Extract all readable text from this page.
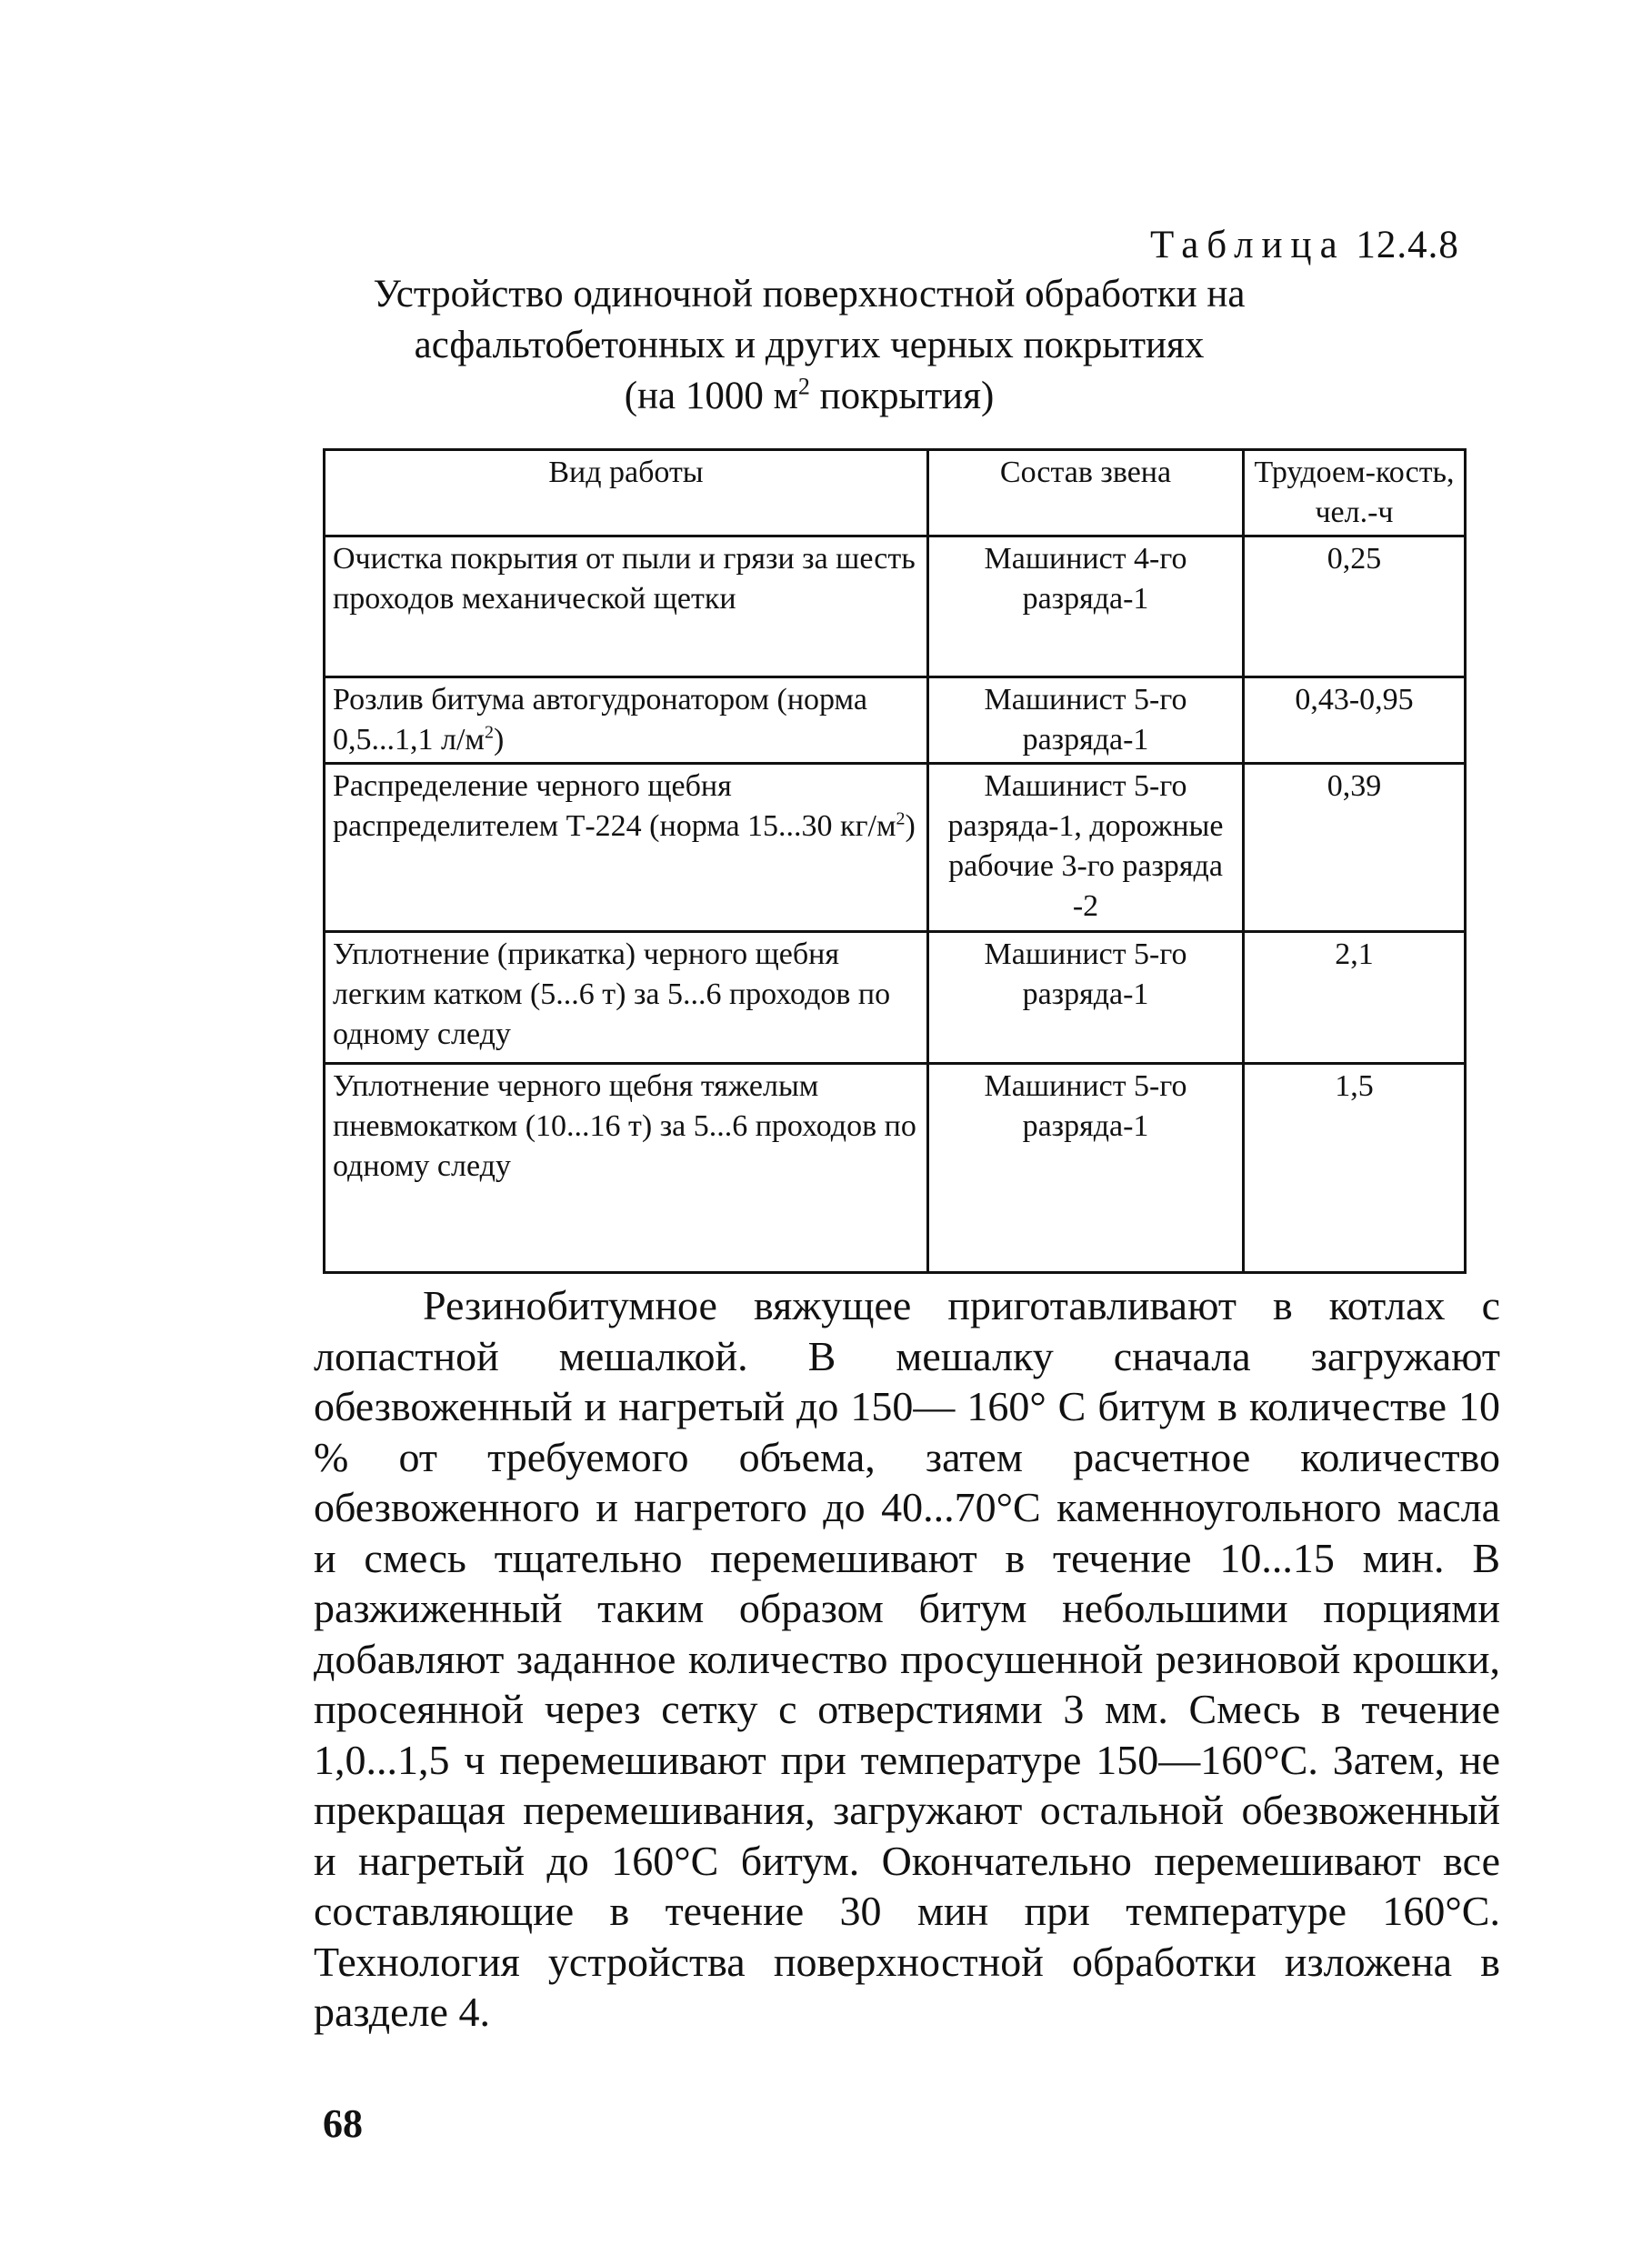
Таблица 12.4.8
Устройство одиночной поверхностной обработки на
асфальтобетонных и других черных покрытиях
(на 1000 $м^2$ покрытия)
Вид работы	Состав звена	Трудоем-кость, чел.-ч
Очистка покрытия от пыли и грязи за шесть проходов механической щетки	Машинист 4-го разряда-1	0,25
Розлив битума автогудронатором (норма 0,5...1,1 $л/м^2$)	Машинист 5-го разряда-1	0,43-0,95
Распределение черного щебня распределителем Т-224 (норма 15...30 $кг/м^2$)	Машинист 5-го разряда-1, дорожные рабочие 3-го разряда -2	0,39
Уплотнение (прикатка) черного щебня легким катком (5...6 т) за 5...6 проходов по одному следу	Машинист 5-го разряда-1	2,1
Уплотнение черного щебня тяжелым пневмокатком (10...16 т) за 5...6 проходов по одному следу	Машинист 5-го разряда-1	1,5

Резинобитумное вяжущее приготавливают в котлах с лопастной мешалкой. В мешалку сначала загружают обезвоженный и нагретый до 150— 160° С битум в количестве 10 % от требуемого объема, затем расчетное количество обезвоженного и нагретого до 40...70°С каменноугольного масла и смесь тщательно перемешивают в течение 10...15 мин. В разжиженный таким образом битум небольшими порциями добавляют заданное количество просушенной резиновой крошки, просеянной через сетку с отверстиями 3 мм. Смесь в течение 1,0...1,5 ч перемешивают при температуре 150—160°С. Затем, не прекращая перемешивания, загружают остальной обезвоженный и нагретый до 160°С битум. Окончательно перемешивают все составляющие в течение 30 мин при температуре 160°С. Технология устройства поверхностной обработки изложена в разделе 4.

68
